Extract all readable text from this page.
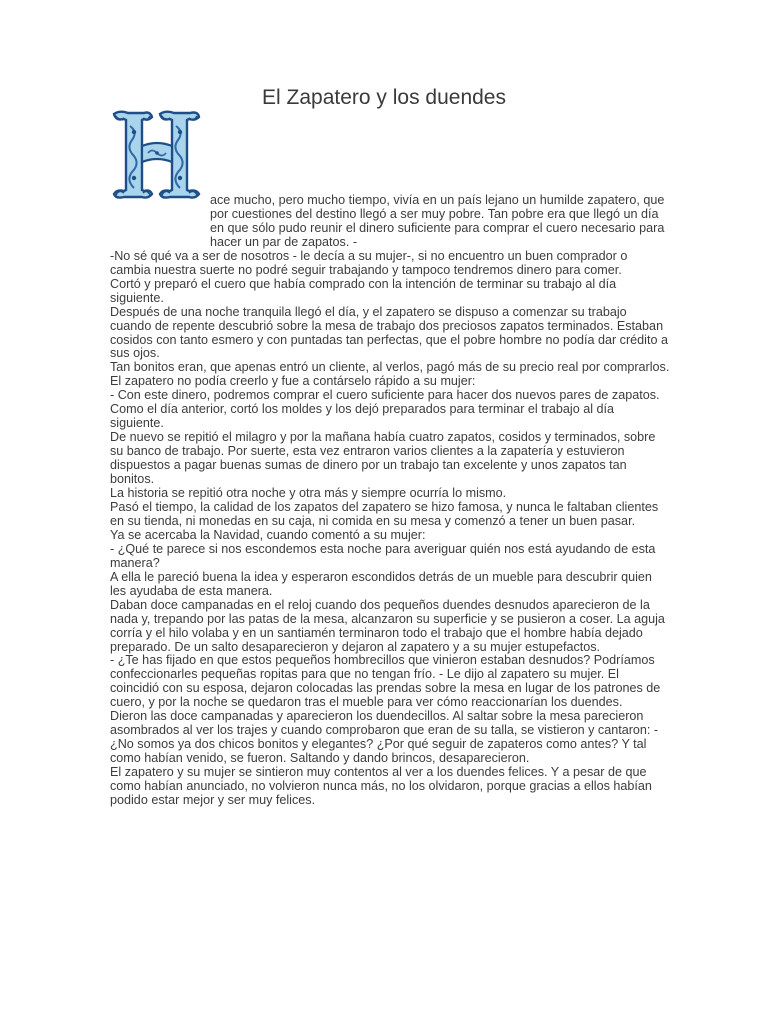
El Zapatero y los duendes

ace mucho, pero mucho tiempo, vivía en un país lejano un humilde zapatero, que por cuestiones del destino llegó a ser muy pobre. Tan pobre era que llegó un día en que sólo pudo reunir el dinero suficiente para comprar el cuero necesario para hacer un par de zapatos. -

-No sé qué va a ser de nosotros - le decía a su mujer-, si no encuentro un buen comprador o cambia nuestra suerte no podré seguir trabajando y tampoco tendremos dinero para comer.

Cortó y preparó el cuero que había comprado con la intención de terminar su trabajo al día siguiente.

Después de una noche tranquila llegó el día, y el zapatero se dispuso a comenzar su trabajo cuando de repente descubrió sobre la mesa de trabajo dos preciosos zapatos terminados. Estaban cosidos con tanto esmero y con puntadas tan perfectas, que el pobre hombre no podía dar crédito a sus ojos.

Tan bonitos eran, que apenas entró un cliente, al verlos, pagó más de su precio real por comprarlos. El zapatero no podía creerlo y fue a contárselo rápido a su mujer:

- Con este dinero, podremos comprar el cuero suficiente para hacer dos nuevos pares de zapatos.

Como el día anterior, cortó los moldes y los dejó preparados para terminar el trabajo al día siguiente.

De nuevo se repitió el milagro y por la mañana había cuatro zapatos, cosidos y terminados, sobre su banco de trabajo. Por suerte, esta vez entraron varios clientes a la zapatería y estuvieron dispuestos a pagar buenas sumas de dinero por un trabajo tan excelente y unos zapatos tan bonitos.

La historia se repitió otra noche y otra más y siempre ocurría lo mismo.

Pasó el tiempo, la calidad de los zapatos del zapatero se hizo famosa, y nunca le faltaban clientes en su tienda, ni monedas en su caja, ni comida en su mesa y comenzó a tener un buen pasar.

Ya se acercaba la Navidad, cuando comentó a su mujer:

- ¿Qué te parece si nos escondemos esta noche para averiguar quién nos está ayudando de esta manera?

A ella le pareció buena la idea y esperaron escondidos detrás de un mueble para descubrir quien les ayudaba de esta manera.

Daban doce campanadas en el reloj cuando dos pequeños duendes desnudos aparecieron de la nada y, trepando por las patas de la mesa, alcanzaron su superficie y se pusieron a coser. La aguja corría y el hilo volaba y en un santiamén terminaron todo el trabajo que el hombre había dejado preparado. De un salto desaparecieron y dejaron al zapatero y a su mujer estupefactos.

- ¿Te has fijado en que estos pequeños hombrecillos que vinieron estaban desnudos? Podríamos confeccionarles pequeñas ropitas para que no tengan frío. - Le dijo al zapatero su mujer. El coincidió con su esposa, dejaron colocadas las prendas sobre la mesa en lugar de los patrones de cuero, y por la noche se quedaron tras el mueble para ver cómo reaccionarían los duendes.

Dieron las doce campanadas y aparecieron los duendecillos. Al saltar sobre la mesa parecieron asombrados al ver los trajes y cuando comprobaron que eran de su talla, se vistieron y cantaron: - ¿No somos ya dos chicos bonitos y elegantes? ¿Por qué seguir de zapateros como antes? Y tal como habían venido, se fueron. Saltando y dando brincos, desaparecieron.

El zapatero y su mujer se sintieron muy contentos al ver a los duendes felices. Y a pesar de que como habían anunciado, no volvieron nunca más, no los olvidaron, porque gracias a ellos habían podido estar mejor y ser muy felices.
